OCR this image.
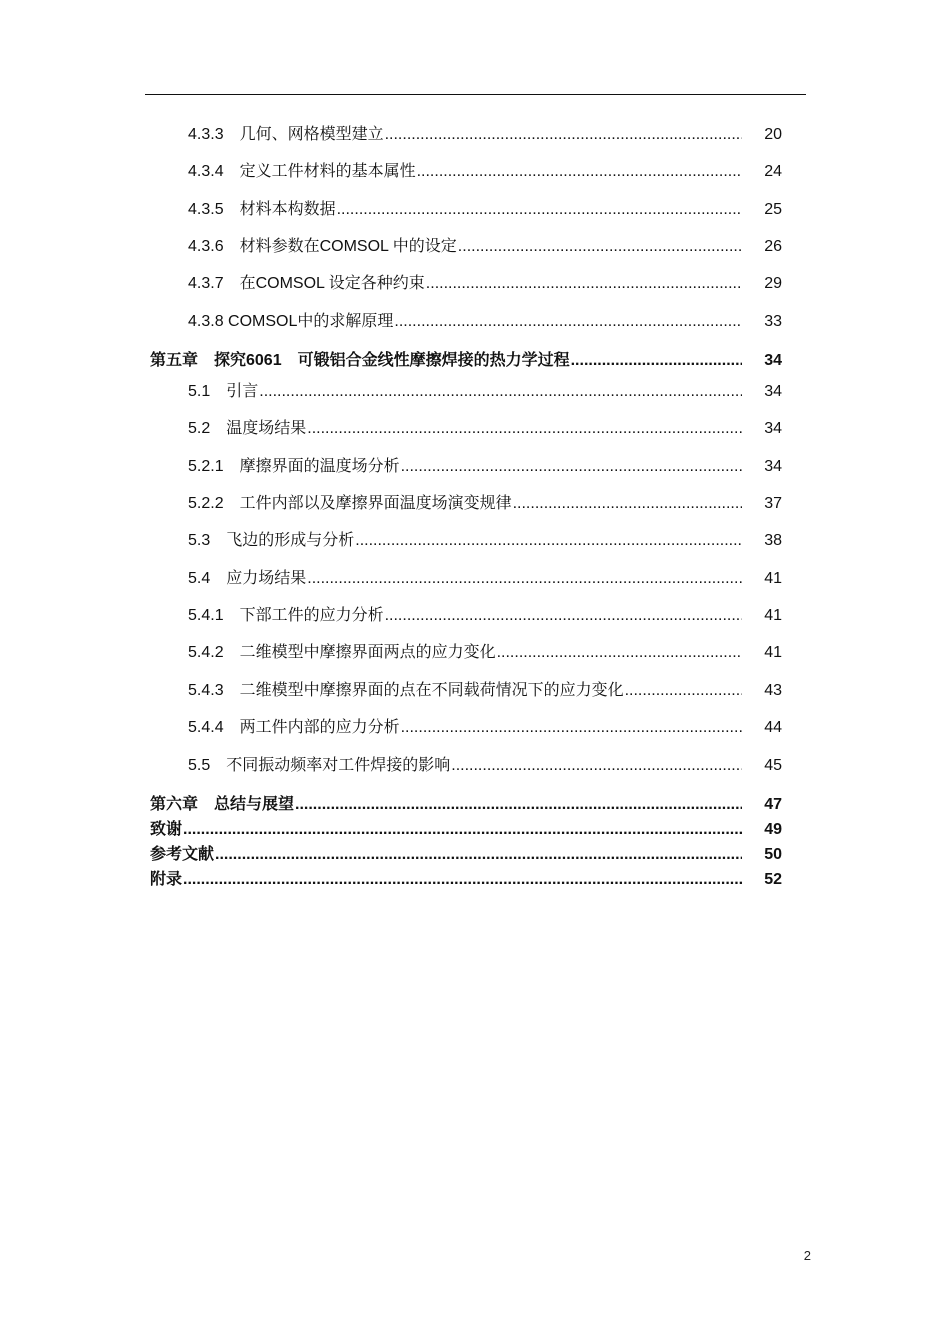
4.3.3　几何、网格模型建立 .....	20
4.3.4　定义工件材料的基本属性 .....	24
4.3.5　材料本构数据 .....	25
4.3.6　材料参数在COMSOL 中的设定 .....	26
4.3.7　在COMSOL 设定各种约束 .....	29
4.3.8 COMSOL中的求解原理 .....	33
第五章　探究6061　可锻铝合金线性摩擦焊接的热力学过程 .....	34
5.1　引言 .....	34
5.2　温度场结果 .....	34
5.2.1　摩擦界面的温度场分析 .....	34
5.2.2　工件内部以及摩擦界面温度场演变规律 .....	37
5.3　飞边的形成与分析 .....	38
5.4　应力场结果 .....	41
5.4.1　下部工件的应力分析 .....	41
5.4.2　二维模型中摩擦界面两点的应力变化 .....	41
5.4.3　二维模型中摩擦界面的点在不同载荷情况下的应力变化 .....	43
5.4.4　两工件内部的应力分析 .....	44
5.5　不同振动频率对工件焊接的影响 .....	45
第六章　总结与展望 .....	47
致谢 .....	49
参考文献 .....	50
附录 .....	52
2
